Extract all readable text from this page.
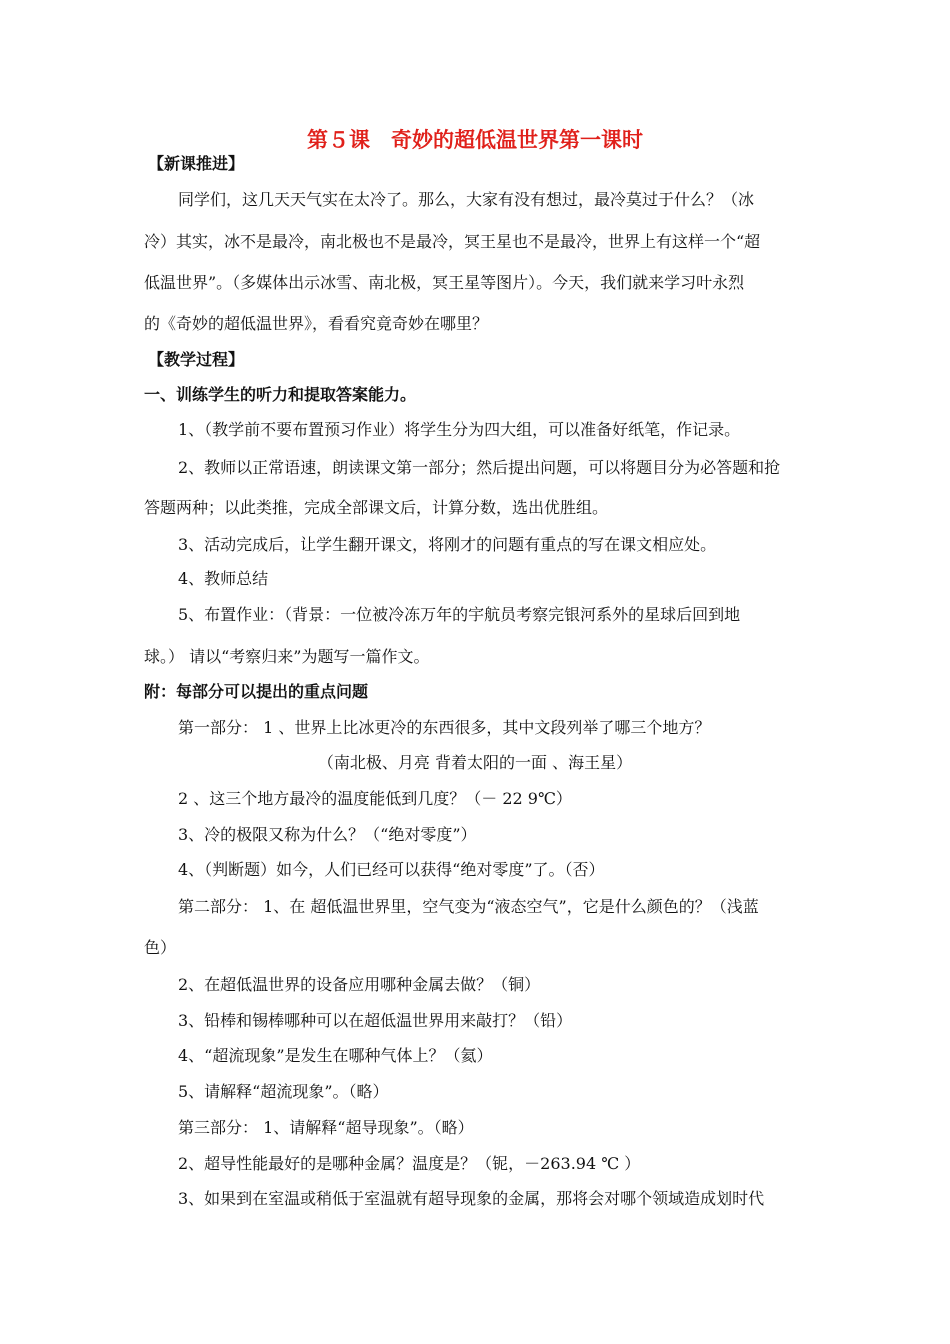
第５课　奇妙的超低温世界第一课时
【新课推进】
同学们，这几天天气实在太冷了。那么，大家有没有想过，最冷莫过于什么？（冰
冷）其实，冰不是最冷，南北极也不是最冷，冥王星也不是最冷，世界上有这样一个“超
低温世界”。（多媒体出示冰雪、南北极，冥王星等图片）。今天，我们就来学习叶永烈
的《奇妙的超低温世界》，看看究竟奇妙在哪里？
【教学过程】
一、训练学生的听力和提取答案能力。
1、（教学前不要布置预习作业）将学生分为四大组，可以准备好纸笔，作记录。
2、教师以正常语速，朗读课文第一部分；然后提出问题，可以将题目分为必答题和抢
答题两种；以此类推，完成全部课文后，计算分数，选出优胜组。
3、活动完成后，让学生翻开课文，将刚才的问题有重点的写在课文相应处。
4、教师总结
5、布置作业：（背景：一位被冷冻万年的宇航员考察完银河系外的星球后回到地
球。） 请以“考察归来”为题写一篇作文。
附：每部分可以提出的重点问题
第一部分： 1 、世界上比冰更冷的东西很多，其中文段列举了哪三个地方？
（南北极、月亮 背着太阳的一面 、海王星）
2 、这三个地方最冷的温度能低到几度？（－ 22 9℃）
3、冷的极限又称为什么？（“绝对零度”）
4、（判断题）如今，人们已经可以获得“绝对零度”了。（否）
第二部分： 1、在 超低温世界里，空气变为“液态空气”，它是什么颜色的？（浅蓝
色）
2、在超低温世界的设备应用哪种金属去做？（铜）
3、铅棒和锡棒哪种可以在超低温世界用来敲打？（铅）
4、“超流现象”是发生在哪种气体上？（氦）
5、请解释“超流现象”。（略）
第三部分： 1、请解释“超导现象”。（略）
2、超导性能最好的是哪种金属？温度是？（铌，－263.94 ℃ ）
3、如果到在室温或稍低于室温就有超导现象的金属，那将会对哪个领域造成划时代
